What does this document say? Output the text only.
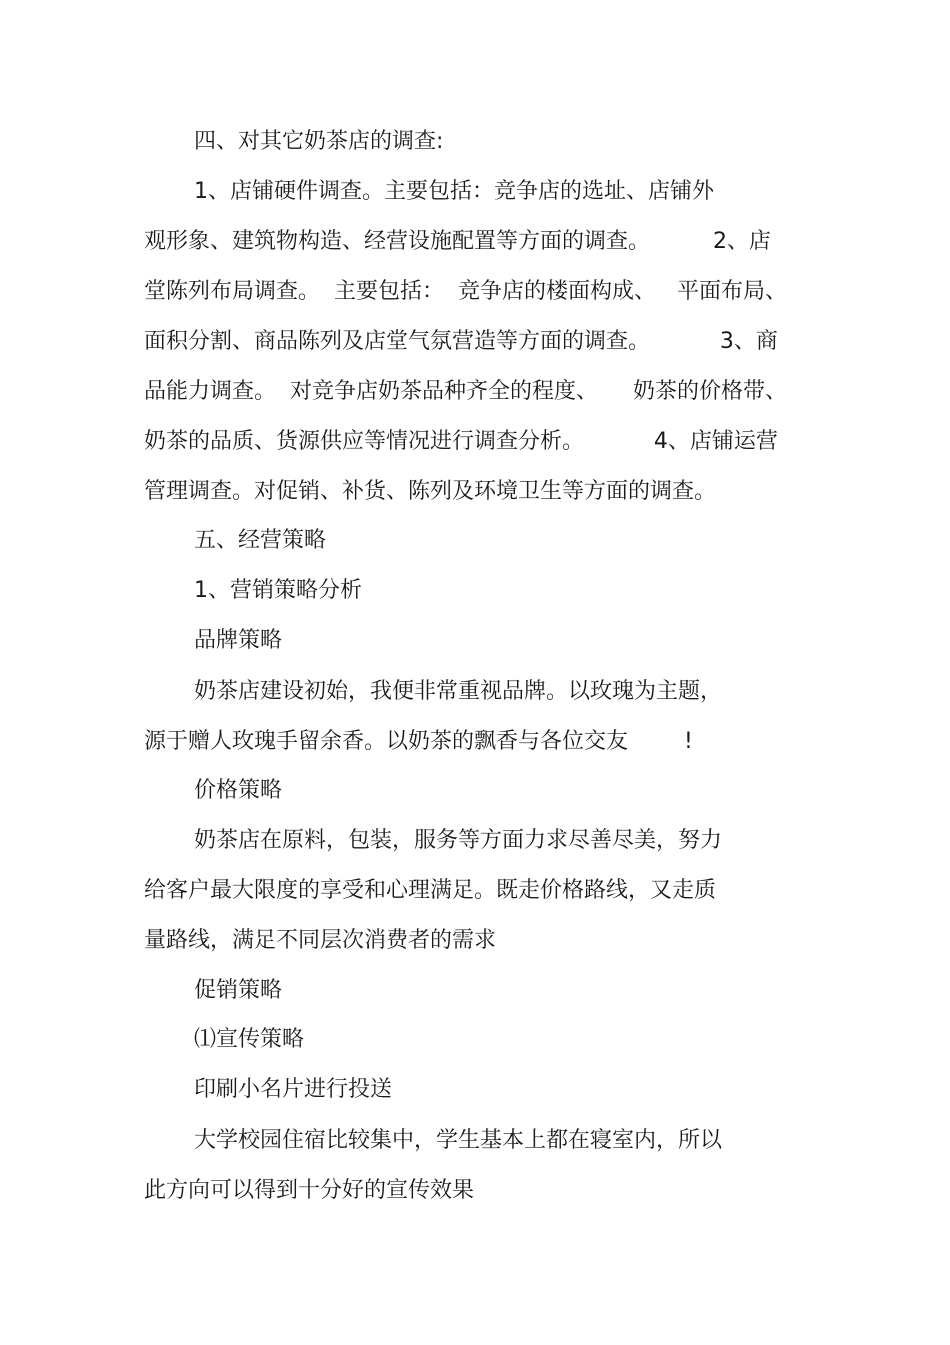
四、对其它奶茶店的调查:
1、店铺硬件调查。主要包括：竞争店的选址、店铺外
观形象、建筑物构造、经营设施配置等方面的调查。         2、店
堂陈列布局调查。  主要包括：  竞争店的楼面构成、   平面布局、
面积分割、商品陈列及店堂气氛营造等方面的调查。          3、商
品能力调查。  对竞争店奶茶品种齐全的程度、     奶茶的价格带、
奶茶的品质、货源供应等情况进行调查分析。          4、店铺运营
管理调查。对促销、补货、陈列及环境卫生等方面的调查。
五、经营策略
1、营销策略分析
品牌策略
奶茶店建设初始，我便非常重视品牌。以玫瑰为主题，
源于赠人玫瑰手留余香。以奶茶的飘香与各位交友        !
价格策略
奶茶店在原料，包装，服务等方面力求尽善尽美，努力
给客户最大限度的享受和心理满足。既走价格路线，又走质
量路线，满足不同层次消费者的需求
促销策略
⑴宣传策略
印刷小名片进行投送
大学校园住宿比较集中，学生基本上都在寝室内，所以
此方向可以得到十分好的宣传效果
